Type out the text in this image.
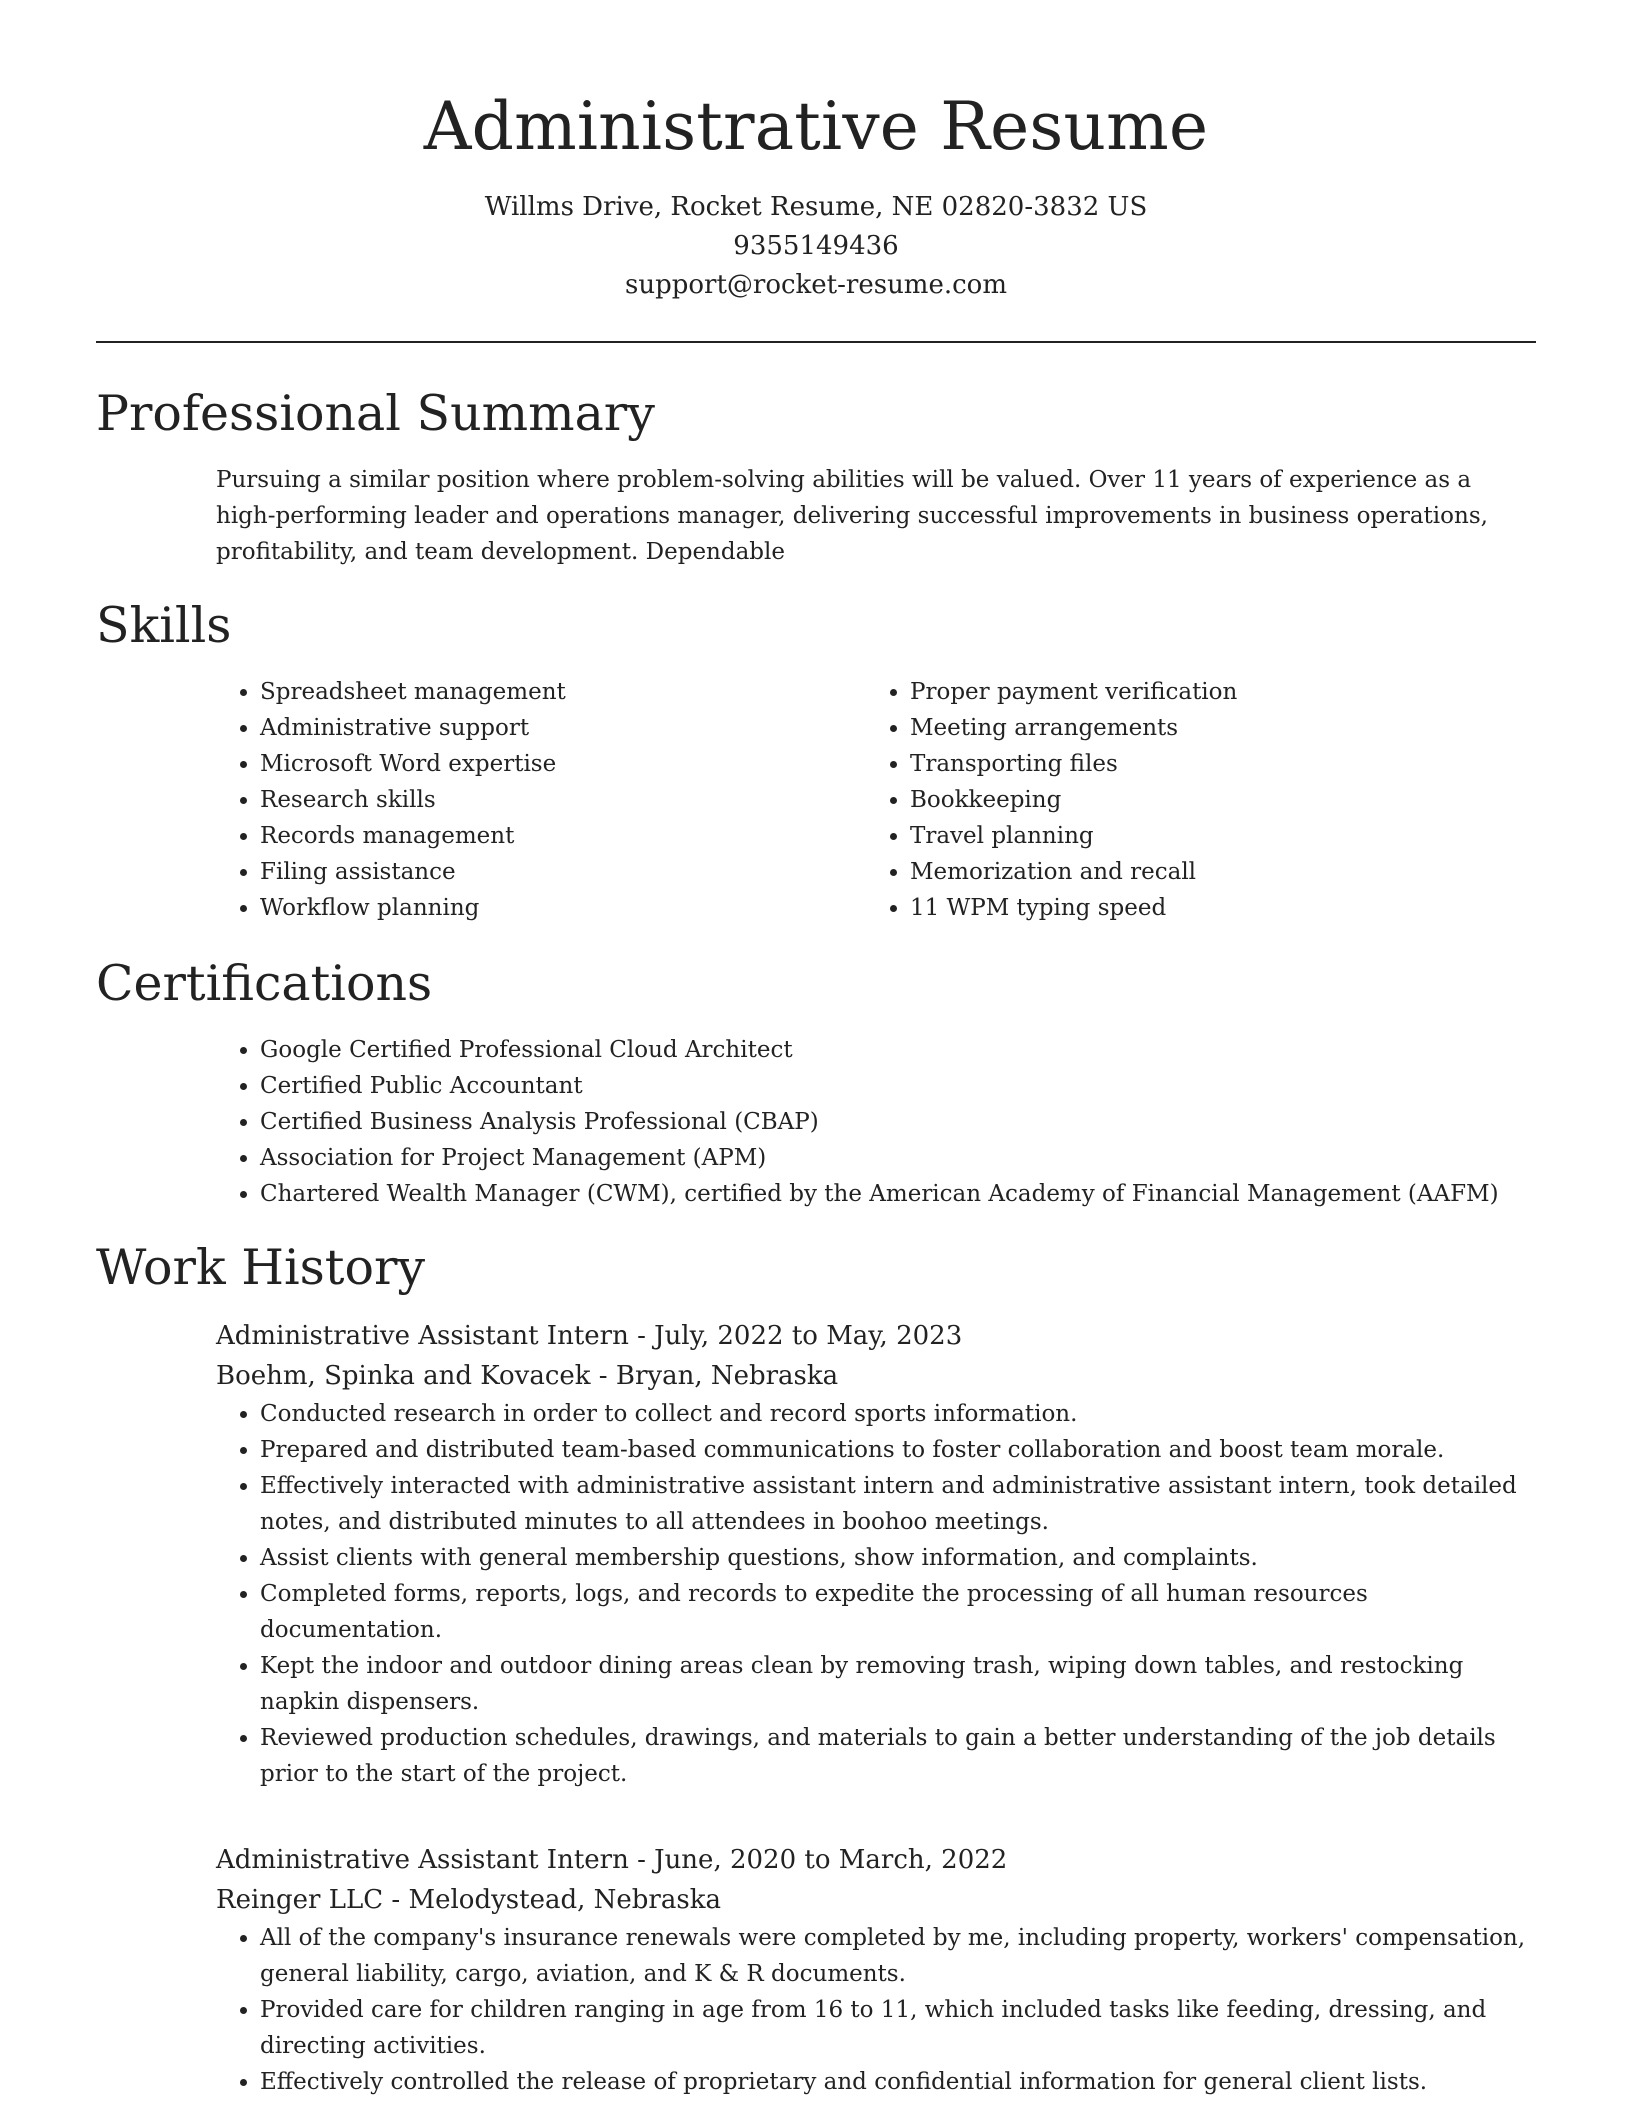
Administrative Resume

Willms Drive, Rocket Resume, NE 02820-3832 US

9355149436

support@rocket-resume.com

Professional Summary

Pursuing a similar position where problem-solving abilities will be valued. Over 11 years of experience as a high-performing leader and operations manager, delivering successful improvements in business operations, profitability, and team development. Dependable

Skills
• Spreadsheet management
• Administrative support
• Microsoft Word expertise
• Research skills
• Records management
• Filing assistance
• Workflow planning
• Proper payment verification
• Meeting arrangements
• Transporting files
• Bookkeeping
• Travel planning
• Memorization and recall
• 11 WPM typing speed
Certifications
• Google Certified Professional Cloud Architect
• Certified Public Accountant
• Certified Business Analysis Professional (CBAP)
• Association for Project Management (APM)
• Chartered Wealth Manager (CWM), certified by the American Academy of Financial Management (AAFM)
Work History

Administrative Assistant Intern - July, 2022 to May, 2023

Boehm, Spinka and Kovacek - Bryan, Nebraska

• Conducted research in order to collect and record sports information.
• Prepared and distributed team-based communications to foster collaboration and boost team morale.
• Effectively interacted with administrative assistant intern and administrative assistant intern, took detailed notes, and distributed minutes to all attendees in boohoo meetings.
• Assist clients with general membership questions, show information, and complaints.
• Completed forms, reports, logs, and records to expedite the processing of all human resources documentation.
• Kept the indoor and outdoor dining areas clean by removing trash, wiping down tables, and restocking napkin dispensers.
• Reviewed production schedules, drawings, and materials to gain a better understanding of the job details prior to the start of the project.

Administrative Assistant Intern - June, 2020 to March, 2022

Reinger LLC - Melodystead, Nebraska

• All of the company's insurance renewals were completed by me, including property, workers' compensation, general liability, cargo, aviation, and K & R documents.
• Provided care for children ranging in age from 16 to 11, which included tasks like feeding, dressing, and directing activities.
• Effectively controlled the release of proprietary and confidential information for general client lists.
